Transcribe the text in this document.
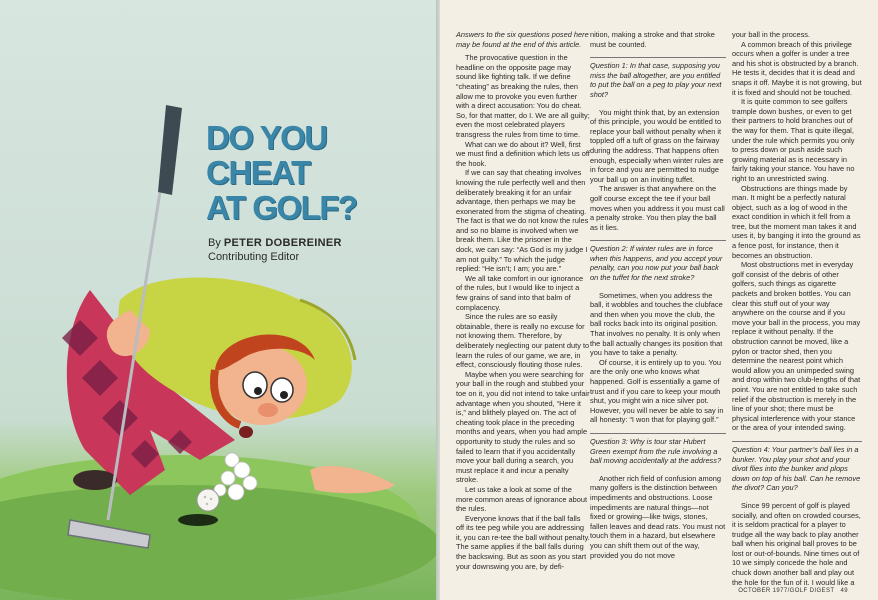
DO YOU
CHEAT
AT GOLF?
By PETER DOBEREINER
Contributing Editor

Answers to the six questions posed here may be found at the end of this article.

The provocative question in the headline on the opposite page may sound like fighting talk. If we define “cheating” as breaking the rules, then allow me to provoke you even further with a direct accusation: You do cheat. So, for that matter, do I. We are all guilty; even the most celebrated players transgress the rules from time to time.

What can we do about it? Well, first we must find a definition which lets us off the hook.

If we can say that cheating involves knowing the rule perfectly well and then deliberately breaking it for an unfair advantage, then perhaps we may be exonerated from the stigma of cheating. The fact is that we do not know the rules and so no blame is involved when we break them. Like the prisoner in the dock, we can say: “As God is my judge I am not guilty.” To which the judge replied: “He isn’t; I am; you are.”

We all take comfort in our ignorance of the rules, but I would like to inject a few grains of sand into that balm of complacency.

Since the rules are so easily obtainable, there is really no excuse for not knowing them. Therefore, by deliberately neglecting our patent duty to learn the rules of our game, we are, in effect, consciously flouting those rules.

Maybe when you were searching for your ball in the rough and stubbed your toe on it, you did not intend to take unfair advantage when you shouted, “Here it is,” and blithely played on. The act of cheating took place in the preceding months and years, when you had ample opportunity to study the rules and so failed to learn that if you accidentally move your ball during a search, you must replace it and incur a penalty stroke.

Let us take a look at some of the more common areas of ignorance about the rules.

Everyone knows that if the ball falls off its tee peg while you are addressing it, you can re-tee the ball without penalty. The same applies if the ball falls during the backswing. But as soon as you start your downswing you are, by defi-

nition, making a stroke and that stroke must be counted.

Question 1: In that case, supposing you miss the ball altogether, are you entitled to put the ball on a peg to play your next shot?

You might think that, by an extension of this principle, you would be entitled to replace your ball without penalty when it toppled off a tuft of grass on the fairway during the address. That happens often enough, especially when winter rules are in force and you are permitted to nudge your ball up on an inviting tuffet.

The answer is that anywhere on the golf course except the tee if your ball moves when you address it you must call a penalty stroke. You then play the ball as it lies.

Question 2: If winter rules are in force when this happens, and you accept your penalty, can you now put your ball back on the tuffet for the next stroke?

Sometimes, when you address the ball, it wobbles and touches the clubface and then when you move the club, the ball rocks back into its original position. That involves no penalty. It is only when the ball actually changes its position that you have to take a penalty.

Of course, it is entirely up to you. You are the only one who knows what happened. Golf is essentially a game of trust and if you care to keep your mouth shut, you might win a nice silver pot. However, you will never be able to say in all honesty: “I won that for playing golf.”

Question 3: Why is tour star Hubert Green exempt from the rule involving a ball moving accidentally at the address?

Another rich field of confusion among many golfers is the distinction between impediments and obstructions. Loose impediments are natural things—not fixed or growing—like twigs, stones, fallen leaves and dead rats. You must not touch them in a hazard, but elsewhere you can shift them out of the way, provided you do not move

your ball in the process.

A common breach of this privilege occurs when a golfer is under a tree and his shot is obstructed by a branch. He tests it, decides that it is dead and snaps it off. Maybe it is not growing, but it is fixed and should not be touched.

It is quite common to see golfers trample down bushes, or even to get their partners to hold branches out of the way for them. That is quite illegal, under the rule which permits you only to press down or push aside such growing material as is necessary in fairly taking your stance. You have no right to an unrestricted swing.

Obstructions are things made by man. It might be a perfectly natural object, such as a log of wood in the exact condition in which it fell from a tree, but the moment man takes it and uses it, by banging it into the ground as a fence post, for instance, then it becomes an obstruction.

Most obstructions met in everyday golf consist of the debris of other golfers, such things as cigarette packets and broken bottles. You can clear this stuff out of your way anywhere on the course and if you move your ball in the process, you may replace it without penalty. If the obstruction cannot be moved, like a pylon or tractor shed, then you determine the nearest point which would allow you an unimpeded swing and drop within two club-lengths of that point. You are not entitled to take such relief if the obstruction is merely in the line of your shot; there must be physical interference with your stance or the area of your intended swing.

Question 4: Your partner’s ball lies in a bunker. You play your shot and your divot flies into the bunker and plops down on top of his ball. Can he remove the divot? Can you?

Since 99 percent of golf is played socially, and often on crowded courses, it is seldom practical for a player to trudge all the way back to play another ball when his original ball proves to be lost or out-of-bounds. Nine times out of 10 we simply concede the hole and chuck down another ball and play out the hole for the fun of it. I would like a

OCTOBER 1977/GOLF DIGEST 49
